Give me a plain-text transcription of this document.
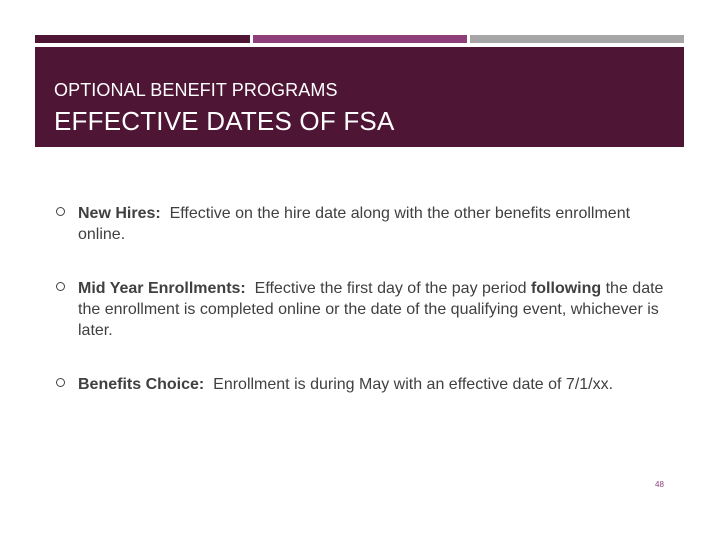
OPTIONAL BENEFIT PROGRAMS
EFFECTIVE DATES OF FSA
New Hires: Effective on the hire date along with the other benefits enrollment online.
Mid Year Enrollments: Effective the first day of the pay period following the date the enrollment is completed online or the date of the qualifying event, whichever is later.
Benefits Choice: Enrollment is during May with an effective date of 7/1/xx.
48
